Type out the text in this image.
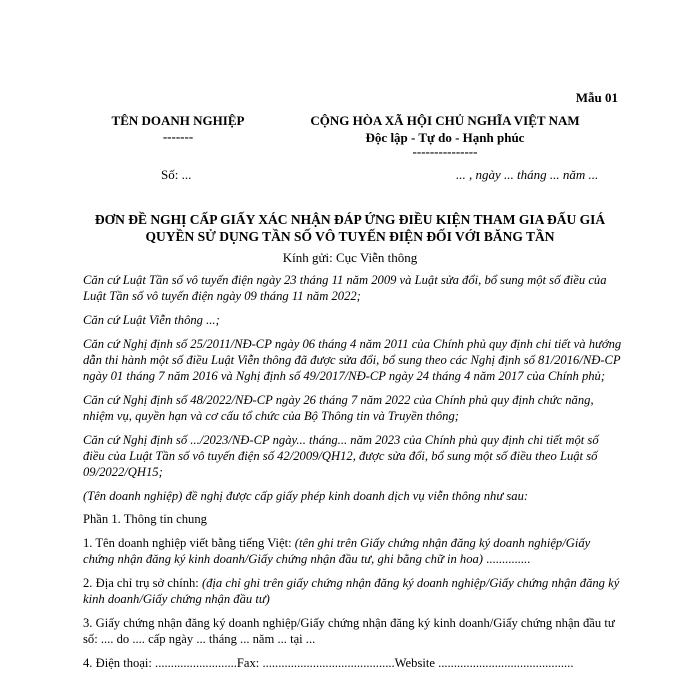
Mẫu 01
TÊN DOANH NGHIỆP
-------
CỘNG HÒA XÃ HỘI CHỦ NGHĨA VIỆT NAM
Độc lập - Tự do - Hạnh phúc
---------------
Số: ...	... , ngày ... tháng ... năm ...
ĐƠN ĐỀ NGHỊ CẤP GIẤY XÁC NHẬN ĐÁP ỨNG ĐIỀU KIỆN THAM GIA ĐẤU GIÁ
QUYỀN SỬ DỤNG TẦN SỐ VÔ TUYẾN ĐIỆN ĐỐI VỚI BĂNG TẦN
Kính gửi: Cục Viễn thông

Căn cứ Luật Tần số vô tuyến điện ngày 23 tháng 11 năm 2009 và Luật sửa đổi, bổ sung một số điều của Luật Tần số vô tuyến điện ngày 09 tháng 11 năm 2022;

Căn cứ Luật Viễn thông ...;

Căn cứ Nghị định số 25/2011/NĐ-CP ngày 06 tháng 4 năm 2011 của Chính phủ quy định chi tiết và hướng dẫn thi hành một số điều Luật Viễn thông đã được sửa đổi, bổ sung theo các Nghị định số 81/2016/NĐ-CP ngày 01 tháng 7 năm 2016 và Nghị định số 49/2017/NĐ-CP ngày 24 tháng 4 năm 2017 của Chính phủ;

Căn cứ Nghị định số 48/2022/NĐ-CP ngày 26 tháng 7 năm 2022 của Chính phủ quy định chức năng, nhiệm vụ, quyền hạn và cơ cấu tổ chức của Bộ Thông tin và Truyền thông;

Căn cứ Nghị định số .../2023/NĐ-CP ngày... tháng... năm 2023 của Chính phủ quy định chi tiết một số điều của Luật Tần số vô tuyến điện số 42/2009/QH12, được sửa đổi, bổ sung một số điều theo Luật số 09/2022/QH15;

(Tên doanh nghiệp) đề nghị được cấp giấy phép kinh doanh dịch vụ viễn thông như sau:

Phần 1. Thông tin chung

1. Tên doanh nghiệp viết bằng tiếng Việt: (tên ghi trên Giấy chứng nhận đăng ký doanh nghiệp/Giấy chứng nhận đăng ký kinh doanh/Giấy chứng nhận đầu tư, ghi bằng chữ in hoa) ..............

2. Địa chỉ trụ sở chính: (địa chỉ ghi trên giấy chứng nhận đăng ký doanh nghiệp/Giấy chứng nhận đăng ký kinh doanh/Giấy chứng nhận đầu tư)

3. Giấy chứng nhận đăng ký doanh nghiệp/Giấy chứng nhận đăng ký kinh doanh/Giấy chứng nhận đầu tư số: .... do .... cấp ngày ... tháng ... năm ... tại ...

4. Điện thoại: ..........................Fax: ..........................................Website ...........................................
